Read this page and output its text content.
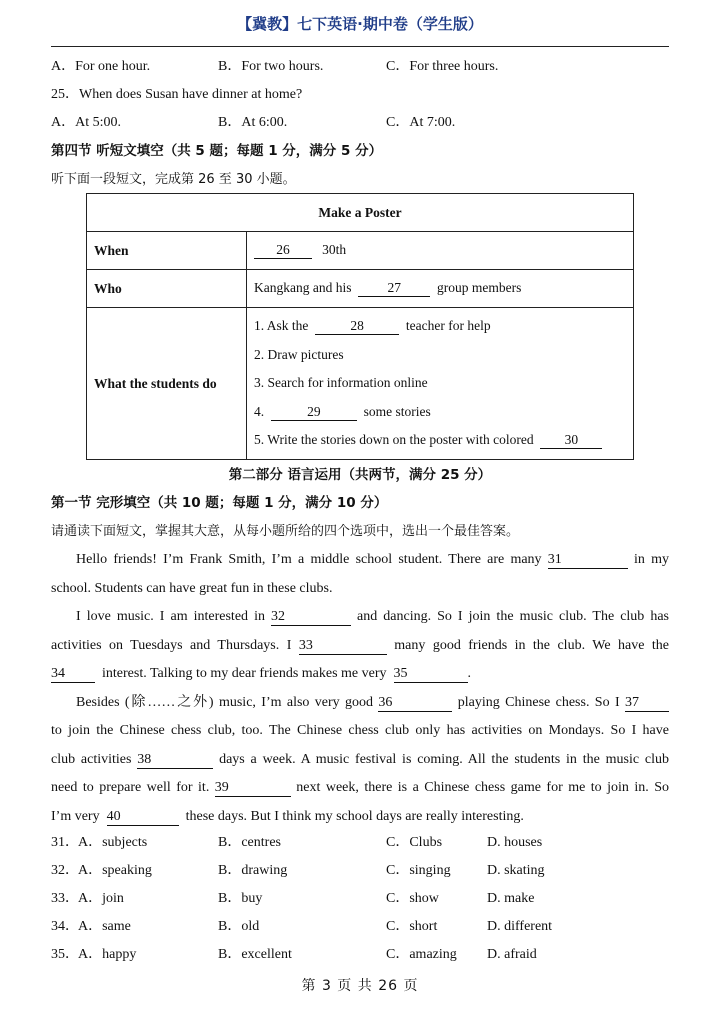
【冀教】七下英语·期中卷（学生版）
A．For one hour.	B．For two hours.	C．For three hours.
25．When does Susan have dinner at home?
A．At 5:00.	B．At 6:00.	C．At 7:00.
第四节 听短文填空（共 5 题；每题 1 分，满分 5 分）
听下面一段短文，完成第 26 至 30 小题。
Make a Poster	
When	26 30th
Who	Kangkang and his 27 group members
What the students do	1. Ask the 28 teacher for help
2. Draw pictures
3. Search for information online
4. 29 some stories
5. Write the stories down on the poster with colored 30
第二部分 语言运用（共两节，满分 25 分）
第一节 完形填空（共 10 题；每题 1 分，满分 10 分）
请通读下面短文，掌握其大意，从每小题所给的四个选项中，选出一个最佳答案。
Hello friends! I’m Frank Smith, I’m a middle school student. There are many 31	in my
school. Students can have great fun in these clubs.
I love music. I am interested in 32	and dancing. So I join the music club. The club has
activities on Tuesdays and Thursdays. I 33	many good friends in the club. We have the
34	interest. Talking to my dear friends makes me very 35	.
Besides (除……之外) music, I’m also very good 36	playing Chinese chess. So I 37
to join the Chinese chess club, too. The Chinese chess club only has activities on Mondays. So I have
club activities 38	days a week. A music festival is coming. All the students in the music club
need to prepare well for it. 39	next week, there is a Chinese chess game for me to join in. So
I’m very 40	these days. But I think my school days are really interesting.
31． A．subjects	B．centres	C．Clubs	D. houses
32． A．speaking	B．drawing	C．singing	D. skating
33． A．join	B．buy	C．show	D. make
34． A．same	B．old	C．short	D. different
35． A．happy	B．excellent	C．amazing D. afraid
第 3 页 共 26 页
